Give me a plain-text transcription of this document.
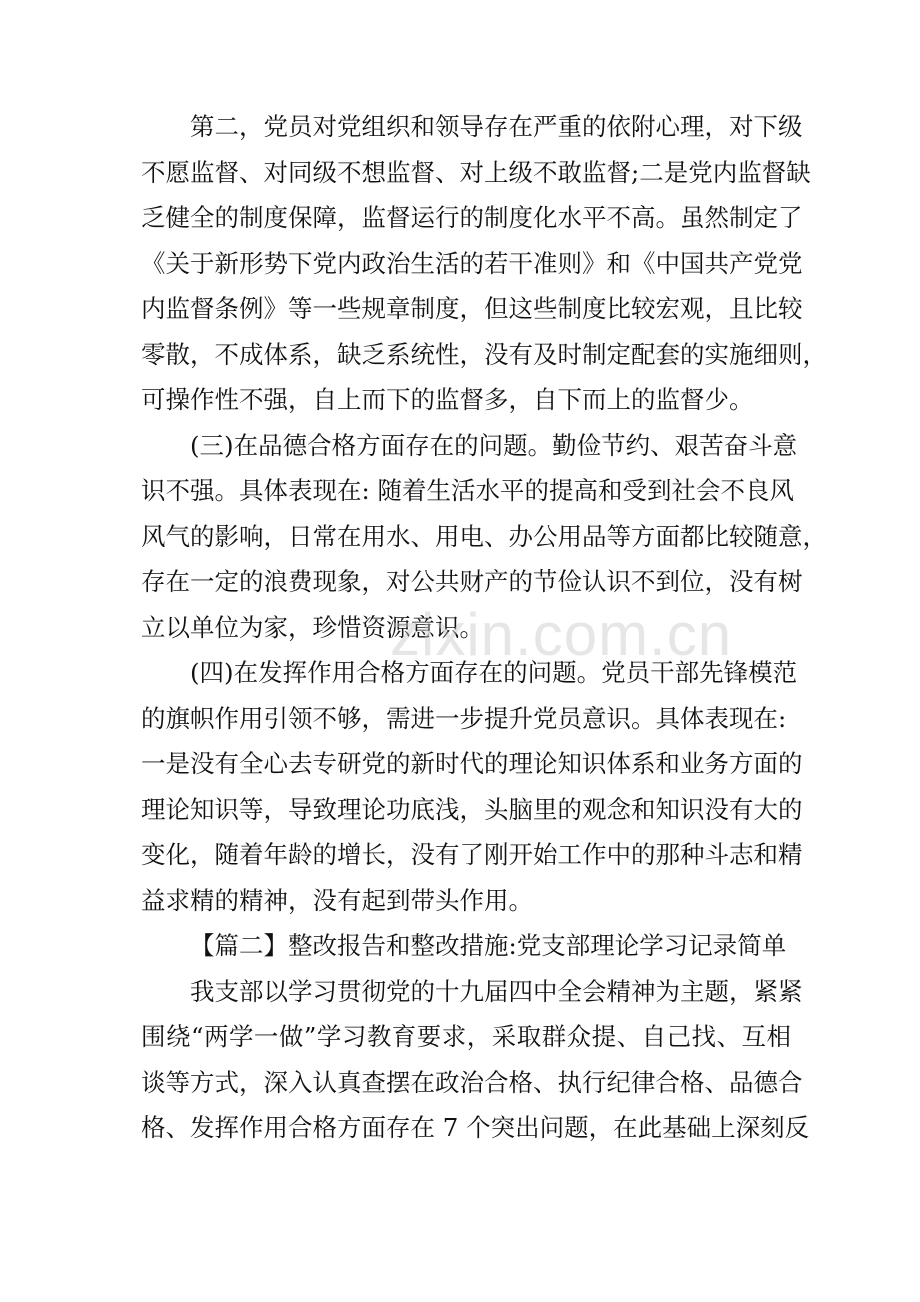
第二，党员对党组织和领导存在严重的依附心理，对下级
不愿监督、对同级不想监督、对上级不敢监督;二是党内监督缺
乏健全的制度保障，监督运行的制度化水平不高。虽然制定了
《关于新形势下党内政治生活的若干准则》和《中国共产党党
内监督条例》等一些规章制度，但这些制度比较宏观，且比较
零散，不成体系，缺乏系统性，没有及时制定配套的实施细则，
可操作性不强，自上而下的监督多，自下而上的监督少。
(三)在品德合格方面存在的问题。勤俭节约、艰苦奋斗意
识不强。具体表现在: 随着生活水平的提高和受到社会不良风
风气的影响，日常在用水、用电、办公用品等方面都比较随意，
存在一定的浪费现象，对公共财产的节俭认识不到位，没有树
立以单位为家，珍惜资源意识。
(四)在发挥作用合格方面存在的问题。党员干部先锋模范
的旗帜作用引领不够，需进一步提升党员意识。具体表现在:
一是没有全心去专研党的新时代的理论知识体系和业务方面的
理论知识等，导致理论功底浅，头脑里的观念和知识没有大的
变化，随着年龄的增长，没有了刚开始工作中的那种斗志和精
益求精的精神，没有起到带头作用。
【篇二】整改报告和整改措施:党支部理论学习记录简单
我支部以学习贯彻党的十九届四中全会精神为主题，紧紧
围绕“两学一做”学习教育要求，采取群众提、自己找、互相
谈等方式，深入认真查摆在政治合格、执行纪律合格、品德合
格、发挥作用合格方面存在 7 个突出问题，在此基础上深刻反
zixin.com.cn
